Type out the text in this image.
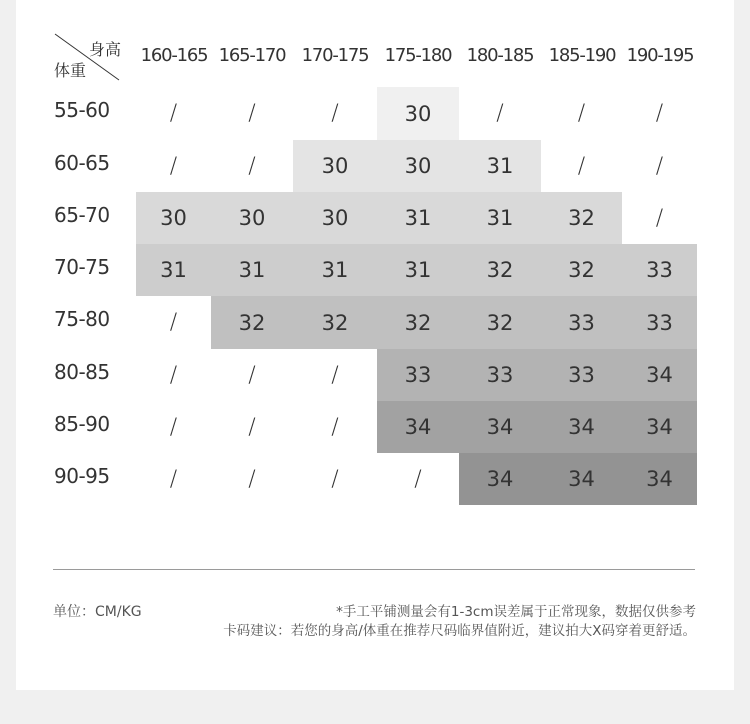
身高
体重
160-165 165-170 170-175 175-180 180-185 185-190 190-195
55-60	/	/	/	30	/	/	/
60-65	/	/	30	30	31	/	/
65-70	30	30	30	31	31	32	/
70-75	31	31	31	31	32	32	33
75-80	/	32	32	32	32	33	33
80-85	/	/	/	33	33	33	34
85-90	/	/	/	34	34	34	34
90-95	/	/	/	/	34	34	34
单位：CM/KG	*手工平铺测量会有1-3cm误差属于正常现象，数据仅供参考
卡码建议：若您的身高/体重在推荐尺码临界值附近，建议拍大X码穿着更舒适。
